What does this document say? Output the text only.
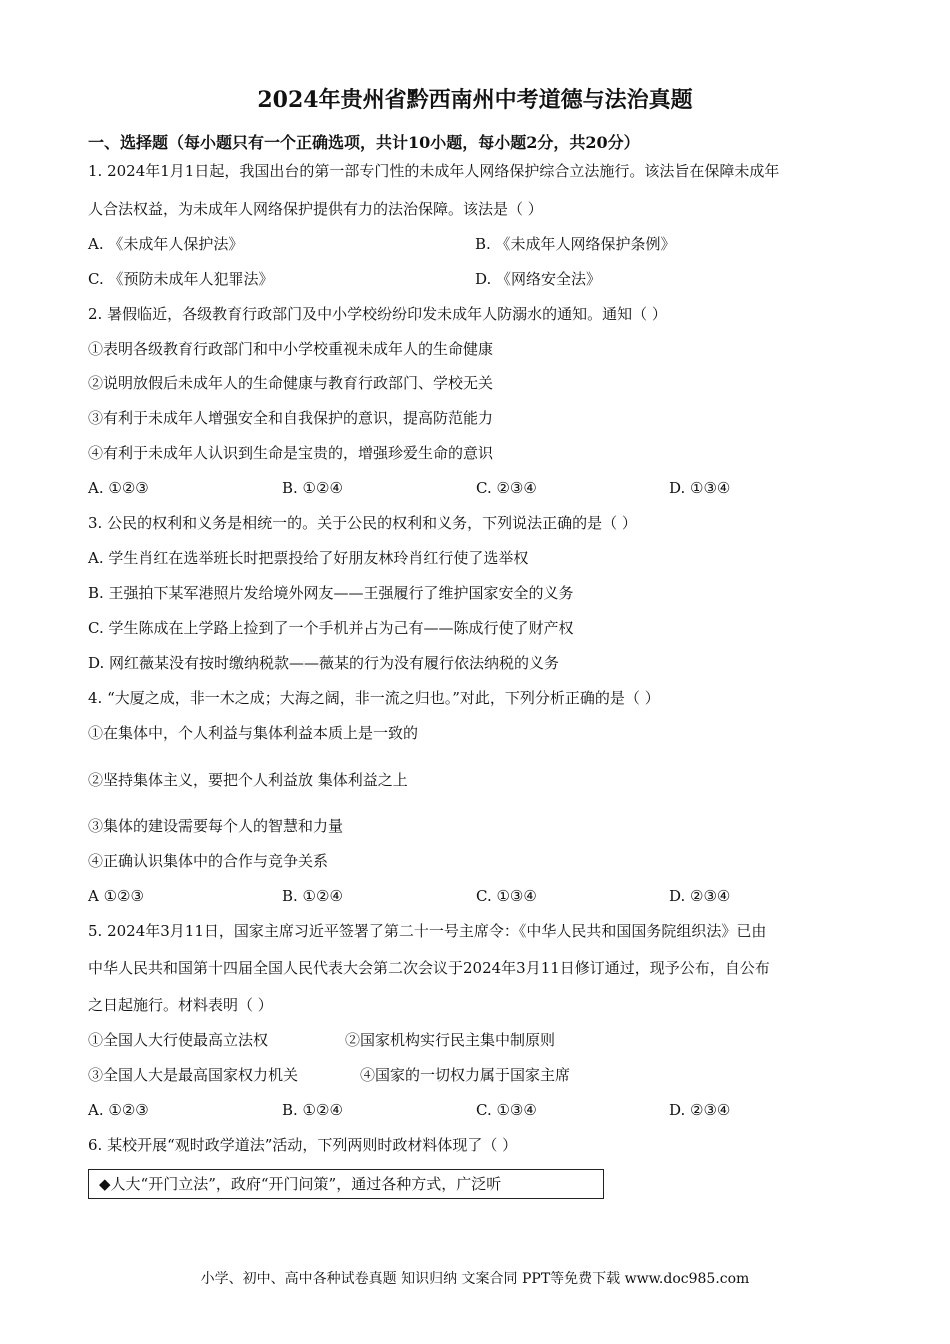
2024年贵州省黔西南州中考道德与法治真题
一、选择题（每小题只有一个正确选项，共计10小题，每小题2分，共20分）
1. 2024年1月1日起，我国出台的第一部专门性的未成年人网络保护综合立法施行。该法旨在保障未成年
人合法权益，为未成年人网络保护提供有力的法治保障。该法是（ ）
A. 《未成年人保护法》	B. 《未成年人网络保护条例》
C. 《预防未成年人犯罪法》	D. 《网络安全法》
2. 暑假临近，各级教育行政部门及中小学校纷纷印发未成年人防溺水的通知。通知（ ）
①表明各级教育行政部门和中小学校重视未成年人的生命健康
②说明放假后未成年人的生命健康与教育行政部门、学校无关
③有利于未成年人增强安全和自我保护的意识，提高防范能力
④有利于未成年人认识到生命是宝贵的，增强珍爱生命的意识
A. ①②③	B. ①②④	C. ②③④	D. ①③④
3. 公民的权利和义务是相统一的。关于公民的权利和义务，下列说法正确的是（ ）
A. 学生肖红在选举班长时把票投给了好朋友林玲肖红行使了选举权
B. 王强拍下某军港照片发给境外网友——王强履行了维护国家安全的义务
C. 学生陈成在上学路上捡到了一个手机并占为己有——陈成行使了财产权
D. 网红薇某没有按时缴纳税款——薇某的行为没有履行依法纳税的义务
4. “大厦之成，非一木之成；大海之阔，非一流之归也。”对此，下列分析正确的是（ ）
①在集体中，个人利益与集体利益本质上是一致的
②坚持集体主义，要把个人利益放 集体利益之上
③集体的建设需要每个人的智慧和力量
④正确认识集体中的合作与竞争关系
A ①②③	B. ①②④	C. ①③④	D. ②③④
5. 2024年3月11日，国家主席习近平签署了第二十一号主席令：《中华人民共和国国务院组织法》已由
中华人民共和国第十四届全国人民代表大会第二次会议于2024年3月11日修订通过，现予公布，自公布
之日起施行。材料表明（ ）
①全国人大行使最高立法权	②国家机构实行民主集中制原则
③全国人大是最高国家权力机关	④国家的一切权力属于国家主席
A. ①②③	B. ①②④	C. ①③④	D. ②③④
6. 某校开展“观时政学道法”活动，下列两则时政材料体现了（ ）
◆人大“开门立法”，政府“开门问策”，通过各种方式，广泛听
小学、初中、高中各种试卷真题 知识归纳 文案合同 PPT等免费下载 www.doc985.com
